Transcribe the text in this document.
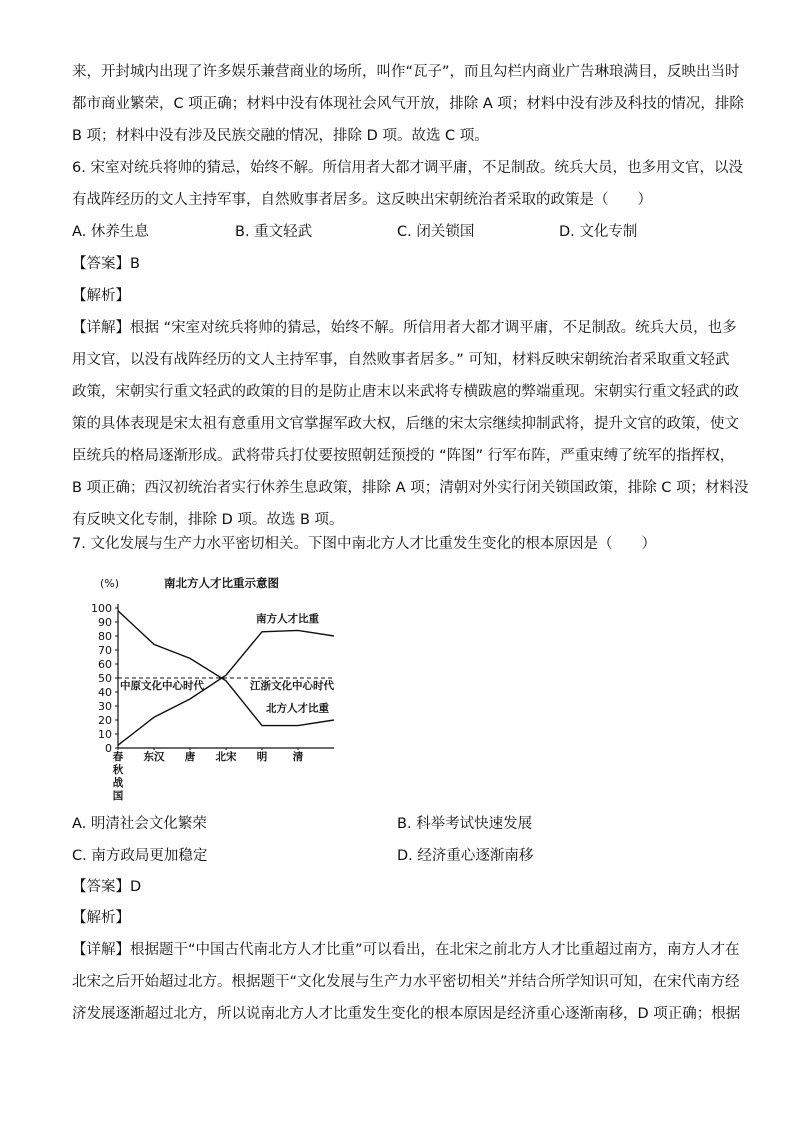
来，开封城内出现了许多娱乐兼营商业的场所，叫作“瓦子”，而且勾栏内商业广告琳琅满目，反映出当时
都市商业繁荣，C 项正确；材料中没有体现社会风气开放，排除 A 项；材料中没有涉及科技的情况，排除
B 项；材料中没有涉及民族交融的情况，排除 D 项。故选 C 项。
6. 宋室对统兵将帅的猜忌，始终不解。所信用者大都才调平庸，不足制敌。统兵大员，也多用文官，以没
有战阵经历的文人主持军事，自然败事者居多。这反映出宋朝统治者采取的政策是（　　）
A. 休养生息	B. 重文轻武	C. 闭关锁国	D. 文化专制
【答案】B
【解析】
【详解】根据 “宋室对统兵将帅的猜忌，始终不解。所信用者大都才调平庸，不足制敌。统兵大员，也多
用文官，以没有战阵经历的文人主持军事，自然败事者居多。” 可知，材料反映宋朝统治者采取重文轻武
政策，宋朝实行重文轻武的政策的目的是防止唐末以来武将专横跋扈的弊端重现。宋朝实行重文轻武的政
策的具体表现是宋太祖有意重用文官掌握军政大权，后继的宋太宗继续抑制武将，提升文官的政策，使文
臣统兵的格局逐渐形成。武将带兵打仗要按照朝廷预授的 “阵图” 行军布阵，严重束缚了统军的指挥权，
B 项正确；西汉初统治者实行休养生息政策，排除 A 项；清朝对外实行闭关锁国政策，排除 C 项；材料没
有反映文化专制，排除 D 项。故选 B 项。
7. 文化发展与生产力水平密切相关。下图中南北方人才比重发生变化的根本原因是（　　）
南北方人才比重示意图
(%)
0
10
20
30
40
50
60
70
80
90
100
春秋战国
东汉 唐 北宋 明 清
南方人才比重
北方人才比重
中原文化中心时代	江浙文化中心时代
A. 明清社会文化繁荣	B. 科举考试快速发展
C. 南方政局更加稳定	D. 经济重心逐渐南移
【答案】D
【解析】
【详解】根据题干“中国古代南北方人才比重”可以看出，在北宋之前北方人才比重超过南方，南方人才在
北宋之后开始超过北方。根据题干“文化发展与生产力水平密切相关”并结合所学知识可知，在宋代南方经
济发展逐渐超过北方，所以说南北方人才比重发生变化的根本原因是经济重心逐渐南移，D 项正确；根据
